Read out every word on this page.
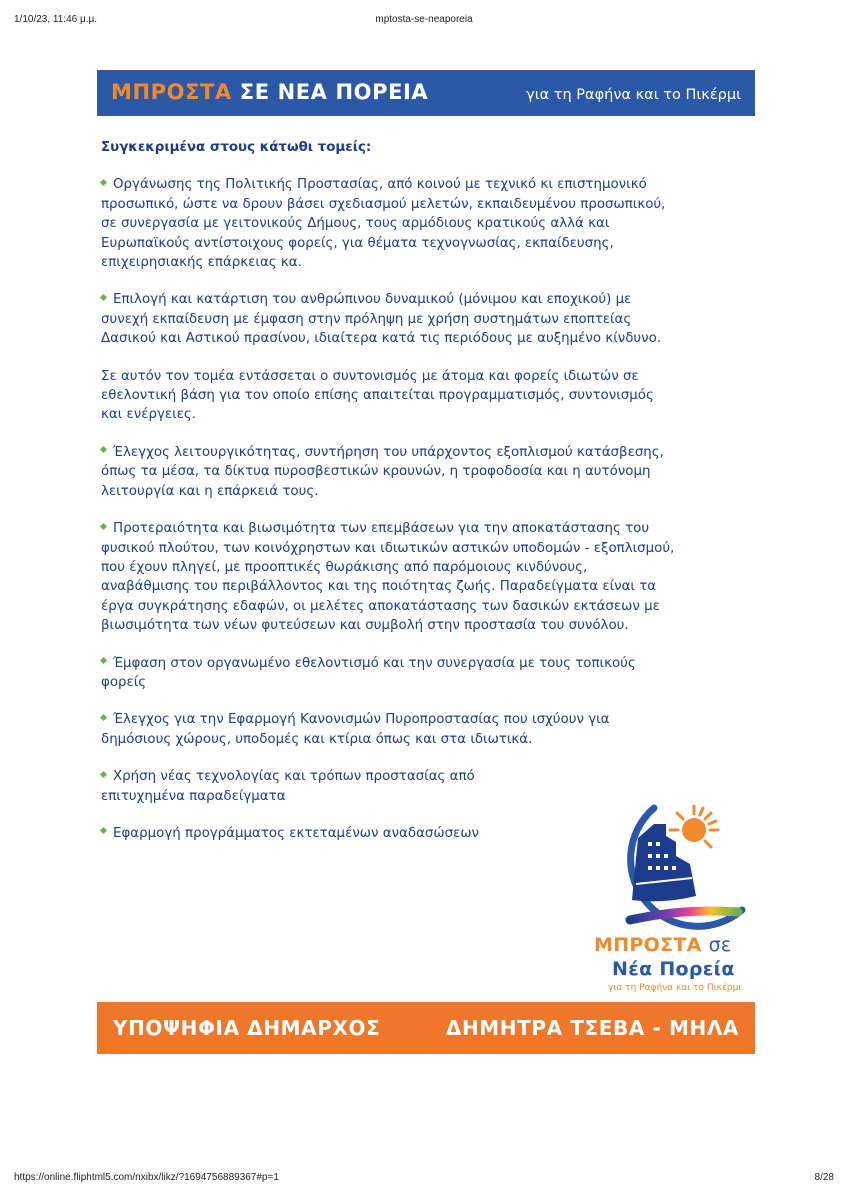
1/10/23, 11:46 μ.μ.	mptosta-se-neaporeia
ΜΠΡΟΣΤΑ ΣΕ ΝΕΑ ΠΟΡΕΙΑ	για τη Ραφήνα και το Πικέρμι

Συγκεκριμένα στους κάτωθι τομείς:

Οργάνωσης της Πολιτικής Προστασίας, από κοινού με τεχνικό κι επιστημονικό
προσωπικό, ώστε να δρουν βάσει σχεδιασμού μελετών, εκπαιδευμένου προσωπικού,
σε συνεργασία με γειτονικούς Δήμους, τους αρμόδιους κρατικούς αλλά και
Ευρωπαϊκούς αντίστοιχους φορείς, για θέματα τεχνογνωσίας, εκπαίδευσης,
επιχειρησιακής επάρκειας κα.
Επιλογή και κατάρτιση του ανθρώπινου δυναμικού (μόνιμου και εποχικού) με
συνεχή εκπαίδευση με έμφαση στην πρόληψη με χρήση συστημάτων εποπτείας
Δασικού και Αστικού πρασίνου, ιδιαίτερα κατά τις περιόδους με αυξημένο κίνδυνο.
Σε αυτόν τον τομέα εντάσσεται ο συντονισμός με άτομα και φορείς ιδιωτών σε
εθελοντική βάση για τον οποίο επίσης απαιτείται προγραμματισμός, συντονισμός
και ενέργειες.
Έλεγχος λειτουργικότητας, συντήρηση του υπάρχοντος εξοπλισμού κατάσβεσης,
όπως τα μέσα, τα δίκτυα πυροσβεστικών κρουνών, η τροφοδοσία και η αυτόνομη
λειτουργία και η επάρκειά τους.
Προτεραιότητα και βιωσιμότητα των επεμβάσεων για την αποκατάστασης του
φυσικού πλούτου, των κοινόχρηστων και ιδιωτικών αστικών υποδομών - εξοπλισμού,
που έχουν πληγεί, με προοπτικές θωράκισης από παρόμοιους κινδύνους,
αναβάθμισης του περιβάλλοντος και της ποιότητας ζωής. Παραδείγματα είναι τα
έργα συγκράτησης εδαφών, οι μελέτες αποκατάστασης των δασικών εκτάσεων με
βιωσιμότητα των νέων φυτεύσεων και συμβολή στην προστασία του συνόλου.
Έμφαση στον οργανωμένο εθελοντισμό και την συνεργασία με τους τοπικούς
φορείς
Έλεγχος για την Εφαρμογή Κανονισμών Πυροπροστασίας που ισχύουν για
δημόσιους χώρους, υποδομές και κτίρια όπως και στα ιδιωτικά.
Χρήση νέας τεχνολογίας και τρόπων προστασίας από
επιτυχημένα παραδείγματα
Εφαρμογή προγράμματος εκτεταμένων αναδασώσεων
ΜΠΡΟΣΤΑ σε
Νέα Πορεία
για τη Ραφήνα και το Πικέρμι
ΥΠΟΨΗΦΙΑ ΔΗΜΑΡΧΟΣ	ΔΗΜΗΤΡΑ ΤΣΕΒΑ - ΜΗΛΑ
https://online.fliphtml5.com/nxibx/likz/?1694756889367#p=1	8/28
